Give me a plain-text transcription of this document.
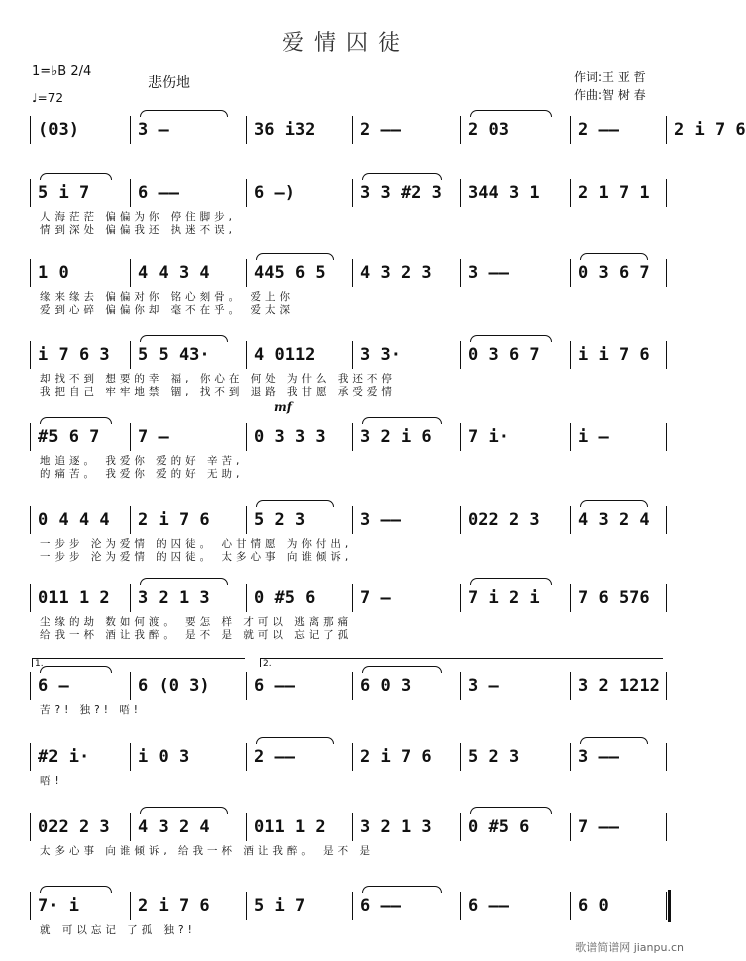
爱情囚徒
1=♭B 2/4
♩=72
悲伤地	作词:王 亚 哲
作曲:智 树 春
(03)	3 –	36 i32	2 ——	2 03	2 ——	2 i 7 6
5 i 7	6 ——	6 —)	3 3 #2 3	344 3 1	2 1 7 1
人海茫茫 偏偏为你 停住脚步,
情到深处 偏偏我还 执迷不误,
1 0	4 4 3 4	445 6 5	4 3 2 3	3 ——	0 3 6 7
缘来缘去 偏偏对你 铭心刻骨。 爱上你
爱到心碎 偏偏你却 毫不在乎。 爱太深
i 7 6 3	5 5 43·	4 0112	3 3·	0 3 6 7	i i 7 6
却找不到 想要的幸 福, 你心在 何处 为什么 我还不停
我把自己 牢牢地禁 锢, 找不到 退路 我甘愿 承受爱情
#5 6 7	7 —	0 3 3 3	3 2 i 6	7 i·	i —
地追逐。 我爱你 爱的好 辛苦,
的痛苦。 我爱你 爱的好 无助,
0 4 4 4	2 i 7 6	5 2 3	3 ——	022 2 3	4 3 2 4
一步步 沦为爱情 的囚徒。 心甘情愿 为你付出,
一步步 沦为爱情 的囚徒。 太多心事 向谁倾诉,
011 1 2	3 2 1 3	0 #5 6	7 —	7 i 2 i	7 6 576
尘缘的劫 数如何渡。 要怎 样 才可以 逃离那痛
给我一杯 酒让我醉。 是不 是 就可以 忘记了孤
6 —	6 (0 3)	6 ——	6 0 3	3 —	3 2 1212
苦?! 独?! 唔!
1.	2.
#2 i·	i 0 3	2 ——	2 i 7 6	5 2 3	3 ——
唔!
022 2 3	4 3 2 4	011 1 2	3 2 1 3	0 #5 6	7 ——
太多心事 向谁倾诉, 给我一杯 酒让我醉。 是不 是
7· i	2 i 7 6	5 i 7	6 ——	6 ——	6 0
就 可以忘记 了孤 独?!
mf
歌谱简谱网 jianpu.cn
